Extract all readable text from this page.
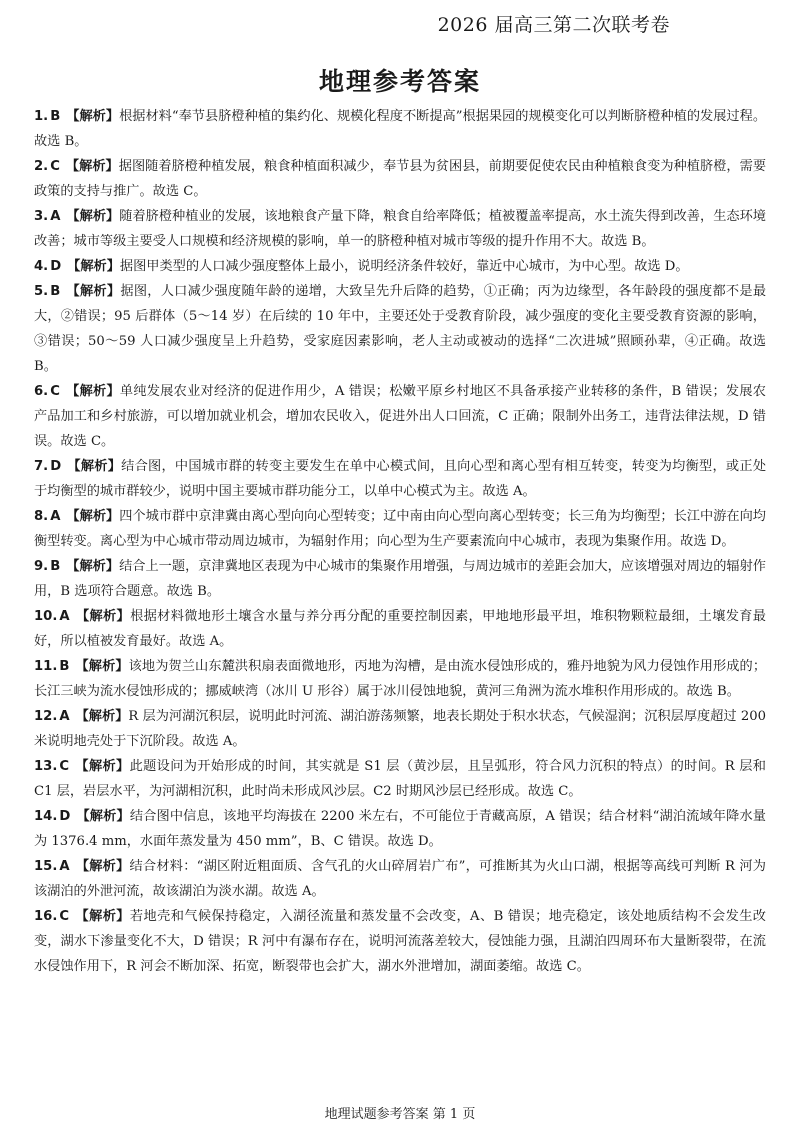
2026 届高三第二次联考卷
地理参考答案

1. B 【解析】根据材料“奉节县脐橙种植的集约化、规模化程度不断提高”根据果园的规模变化可以判断脐橙种植的发展过程。故选 B。

2. C 【解析】据图随着脐橙种植发展，粮食种植面积减少，奉节县为贫困县，前期要促使农民由种植粮食变为种植脐橙，需要政策的支持与推广。故选 C。

3. A 【解析】随着脐橙种植业的发展，该地粮食产量下降，粮食自给率降低；植被覆盖率提高，水土流失得到改善，生态环境改善；城市等级主要受人口规模和经济规模的影响，单一的脐橙种植对城市等级的提升作用不大。故选 B。

4. D 【解析】据图甲类型的人口减少强度整体上最小，说明经济条件较好，靠近中心城市，为中心型。故选 D。

5. B 【解析】据图，人口减少强度随年龄的递增，大致呈先升后降的趋势，①正确；丙为边缘型，各年龄段的强度都不是最大，②错误；95 后群体（5～14 岁）在后续的 10 年中，主要还处于受教育阶段，减少强度的变化主要受教育资源的影响，③错误；50～59 人口减少强度呈上升趋势，受家庭因素影响，老人主动或被动的选择“二次进城”照顾孙辈，④正确。故选 B。

6. C 【解析】单纯发展农业对经济的促进作用少，A 错误；松嫩平原乡村地区不具备承接产业转移的条件，B 错误；发展农产品加工和乡村旅游，可以增加就业机会，增加农民收入，促进外出人口回流，C 正确；限制外出务工，违背法律法规，D 错误。故选 C。

7. D 【解析】结合图，中国城市群的转变主要发生在单中心模式间，且向心型和离心型有相互转变，转变为均衡型，或正处于均衡型的城市群较少，说明中国主要城市群功能分工，以单中心模式为主。故选 A。

8. A 【解析】四个城市群中京津冀由离心型向向心型转变；辽中南由向心型向离心型转变；长三角为均衡型；长江中游在向均衡型转变。离心型为中心城市带动周边城市，为辐射作用；向心型为生产要素流向中心城市，表现为集聚作用。故选 D。

9. B 【解析】结合上一题，京津冀地区表现为中心城市的集聚作用增强，与周边城市的差距会加大，应该增强对周边的辐射作用，B 选项符合题意。故选 B。

10. A 【解析】根据材料微地形土壤含水量与养分再分配的重要控制因素，甲地地形最平坦，堆积物颗粒最细，土壤发育最好，所以植被发育最好。故选 A。

11. B 【解析】该地为贺兰山东麓洪积扇表面微地形，丙地为沟槽，是由流水侵蚀形成的，雅丹地貌为风力侵蚀作用形成的；长江三峡为流水侵蚀形成的；挪威峡湾（冰川 U 形谷）属于冰川侵蚀地貌，黄河三角洲为流水堆积作用形成的。故选 B。

12. A 【解析】R 层为河湖沉积层，说明此时河流、湖泊游荡频繁，地表长期处于积水状态，气候湿润；沉积层厚度超过 200 米说明地壳处于下沉阶段。故选 A。

13. C 【解析】此题设问为开始形成的时间，其实就是 S1 层（黄沙层，且呈弧形，符合风力沉积的特点）的时间。R 层和 C1 层，岩层水平，为河湖相沉积，此时尚未形成风沙层。C2 时期风沙层已经形成。故选 C。

14. D 【解析】结合图中信息，该地平均海拔在 2200 米左右，不可能位于青藏高原，A 错误；结合材料“湖泊流域年降水量为 1376.4 mm，水面年蒸发量为 450 mm”，B、C 错误。故选 D。

15. A 【解析】结合材料：“湖区附近粗面质、含气孔的火山碎屑岩广布”，可推断其为火山口湖，根据等高线可判断 R 河为该湖泊的外泄河流，故该湖泊为淡水湖。故选 A。

16. C 【解析】若地壳和气候保持稳定，入湖径流量和蒸发量不会改变，A、B 错误；地壳稳定，该处地质结构不会发生改变，湖水下渗量变化不大，D 错误；R 河中有瀑布存在，说明河流落差较大，侵蚀能力强，且湖泊四周环布大量断裂带，在流水侵蚀作用下，R 河会不断加深、拓宽，断裂带也会扩大，湖水外泄增加，湖面萎缩。故选 C。

地理试题参考答案 第 1 页
